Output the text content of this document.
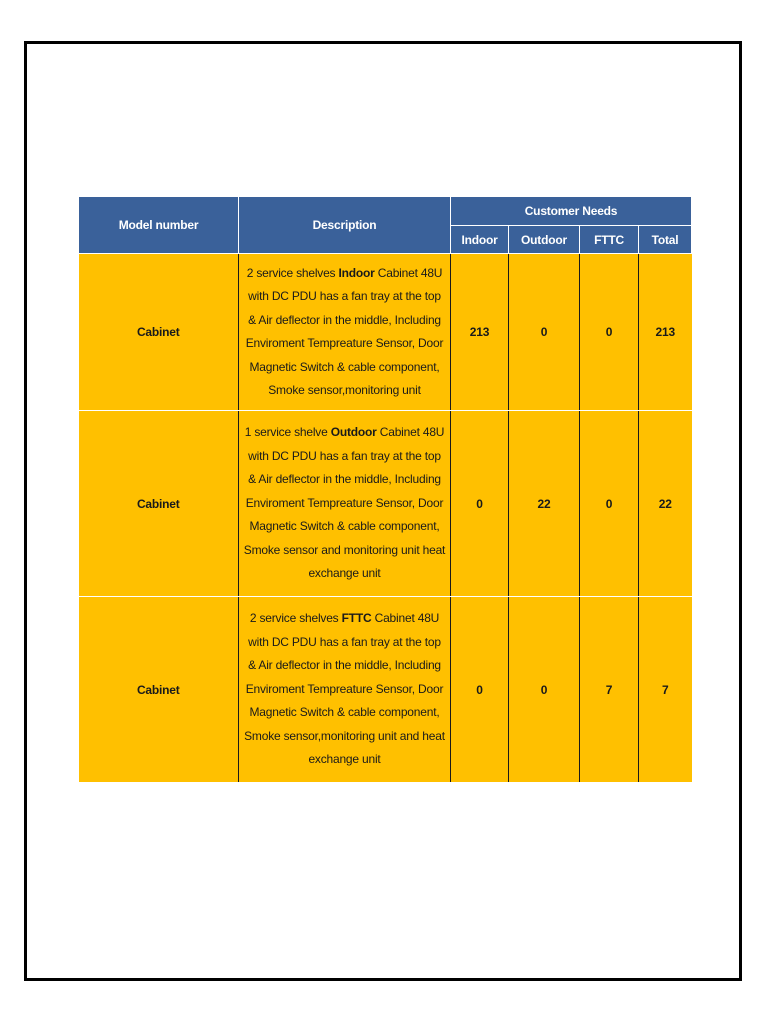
Model number	Description	Customer Needs			
		Indoor	Outdoor	FTTC	Total
Cabinet	2 service shelves Indoor Cabinet 48U with DC PDU has a fan tray at the top & Air deflector in the middle, Including Enviroment Tempreature Sensor, Door Magnetic Switch & cable component, Smoke sensor,monitoring unit	213	0	0	213
Cabinet	1 service shelve Outdoor Cabinet 48U with DC PDU has a fan tray at the top & Air deflector in the middle, Including Enviroment Tempreature Sensor, Door Magnetic Switch & cable component, Smoke sensor and monitoring unit heat exchange unit	0	22	0	22
Cabinet	2 service shelves FTTC Cabinet 48U with DC PDU has a fan tray at the top & Air deflector in the middle, Including Enviroment Tempreature Sensor, Door Magnetic Switch & cable component, Smoke sensor,monitoring unit and heat exchange unit	0	0	7	7
